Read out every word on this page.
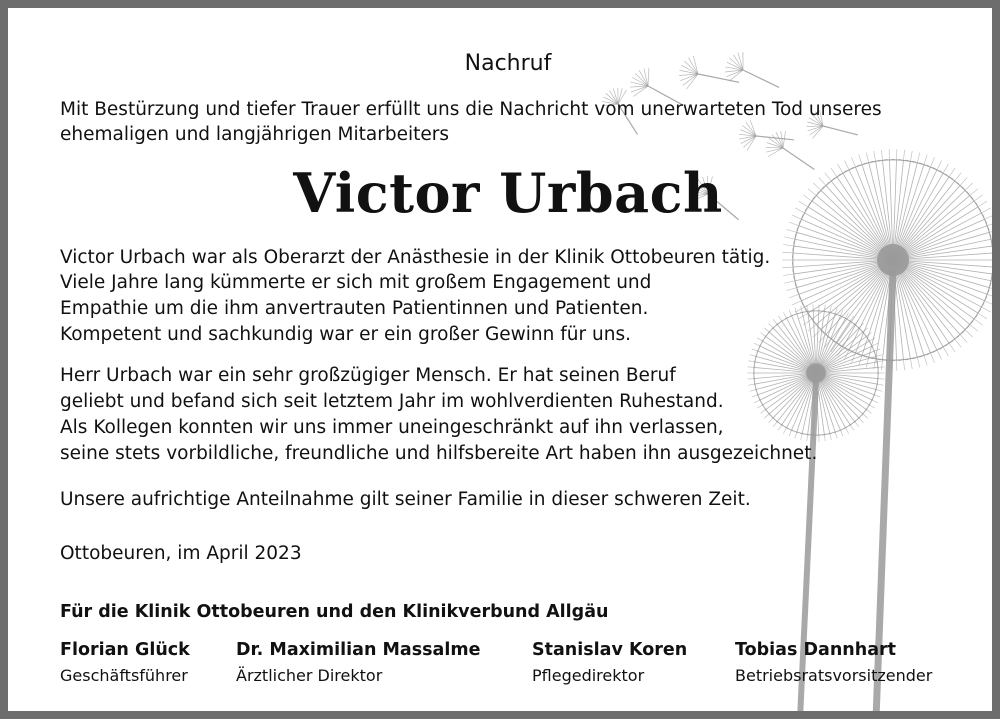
Nachruf
Mit Bestürzung und tiefer Trauer erfüllt uns die Nachricht vom unerwarteten Tod unseres
ehemaligen und langjährigen Mitarbeiters
Victor Urbach
Victor Urbach war als Oberarzt der Anästhesie in der Klinik Ottobeuren tätig.
Viele Jahre lang kümmerte er sich mit großem Engagement und
Empathie um die ihm anvertrauten Patientinnen und Patienten.
Kompetent und sachkundig war er ein großer Gewinn für uns.
Herr Urbach war ein sehr großzügiger Mensch. Er hat seinen Beruf
geliebt und befand sich seit letztem Jahr im wohlverdienten Ruhestand.
Als Kollegen konnten wir uns immer uneingeschränkt auf ihn verlassen,
seine stets vorbildliche, freundliche und hilfsbereite Art haben ihn ausgezeichnet.
Unsere aufrichtige Anteilnahme gilt seiner Familie in dieser schweren Zeit.
Ottobeuren, im April 2023
Für die Klinik Ottobeuren und den Klinikverbund Allgäu
Florian Glück
Geschäftsführer
Dr. Maximilian Massalme
Ärztlicher Direktor
Stanislav Koren
Pflegedirektor
Tobias Dannhart
Betriebsratsvorsitzender
